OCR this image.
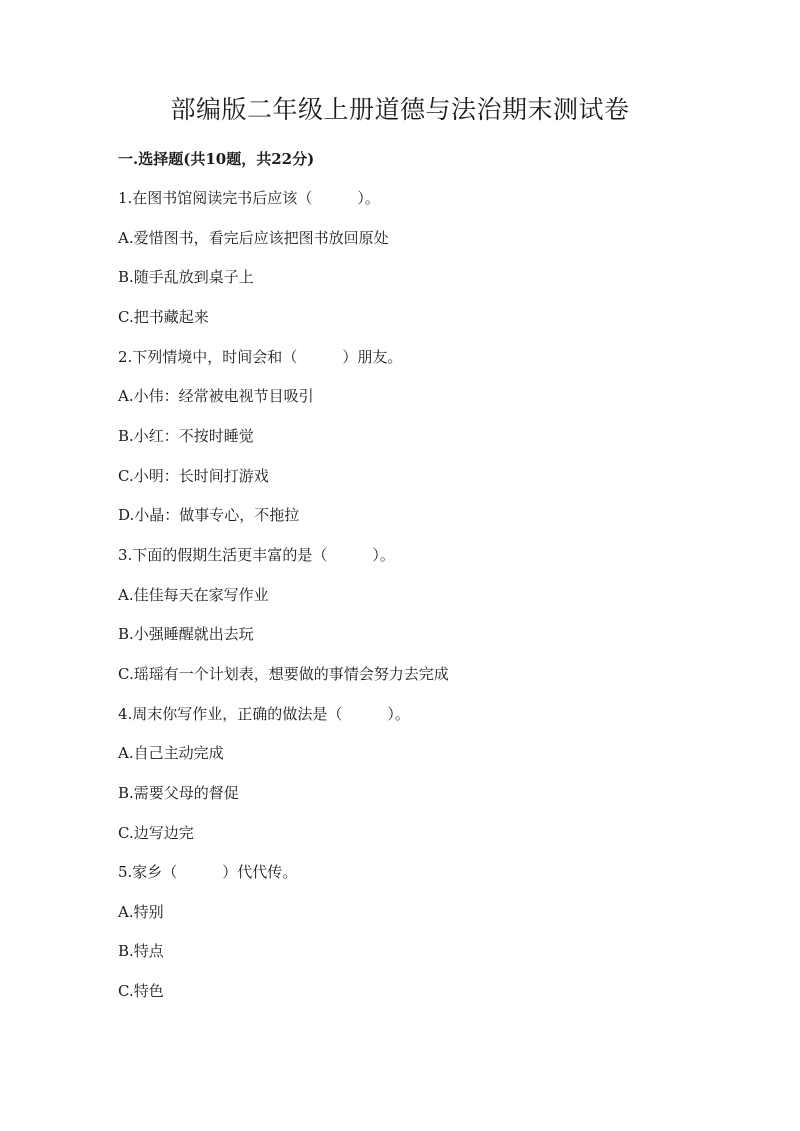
部编版二年级上册道德与法治期末测试卷
一.选择题(共10题，共22分)
1.在图书馆阅读完书后应该（　　　）。
A.爱惜图书，看完后应该把图书放回原处
B.随手乱放到桌子上
C.把书藏起来
2.下列情境中，时间会和（　　　）朋友。
A.小伟：经常被电视节目吸引
B.小红：不按时睡觉
C.小明：长时间打游戏
D.小晶：做事专心，不拖拉
3.下面的假期生活更丰富的是（　　　）。
A.佳佳每天在家写作业
B.小强睡醒就出去玩
C.瑶瑶有一个计划表，想要做的事情会努力去完成
4.周末你写作业，正确的做法是（　　　）。
A.自己主动完成
B.需要父母的督促
C.边写边完
5.家乡（　　　）代代传。
A.特别
B.特点
C.特色
